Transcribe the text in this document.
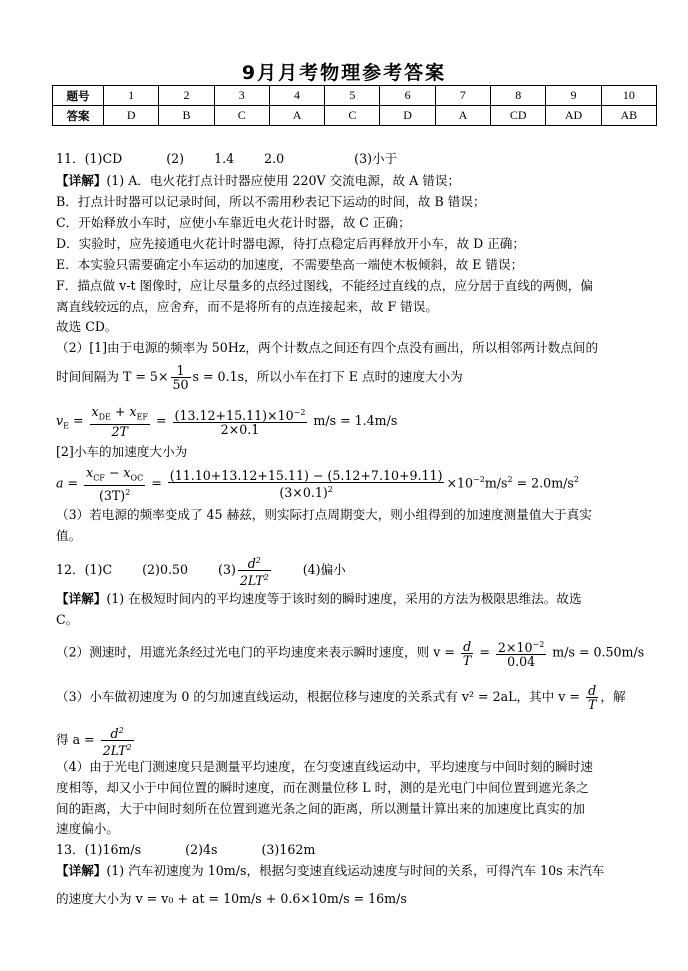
9月月考物理参考答案
题号	1	2	3	4	5	6	7	8	9	10
答案	D	B	C	A	C	D	A	CD	AD	AB
11．(1)CD	(2) 1.4 2.0	(3)小于
【详解】(1) A．电火花打点计时器应使用 220V 交流电源，故 A 错误；
B．打点计时器可以记录时间，所以不需用秒表记下运动的时间，故 B 错误；
C．开始释放小车时，应使小车靠近电火花计时器，故 C 正确；
D．实验时，应先接通电火花计时器电源，待打点稳定后再释放开小车，故 D 正确；
E．本实验只需要确定小车运动的加速度，不需要垫高一端使木板倾斜，故 E 错误；
F．描点做 v-t 图像时，应让尽量多的点经过图线，不能经过直线的点，应分居于直线的两侧，偏
离直线较远的点，应舍弃，而不是将所有的点连接起来，故 F 错误。
故选 CD。
（2）[1]由于电源的频率为 50Hz，两个计数点之间还有四个点没有画出，所以相邻两计数点间的
时间间隔为 $T = 5\times \frac{1}{50}$ s = 0.1s，所以小车在打下 E 点时的速度大小为
$v_E = \frac{x_{DE} + x_{EF}}{2T} = \frac{(13.12+15.11)\times 10^{-2}}{2\times 0.1} m/s = 1.4m/s$
[2]小车的加速度大小为
$a = \frac{x_{CF} - x_{OC}}{(3T)^2} = \frac{(11.10+13.12+15.11) - (5.12+7.10+9.11)}{(3\times 0.1)^2} \times 10^{-2}m/s^2 = 2.0m/s^2$
（3）若电源的频率变成了 45 赫兹，则实际打点周期变大，则小组得到的加速度测量值大于真实
值。
12．(1)C (2)0.50 $(3) \frac{d^2}{2LT^2}$	(4)偏小
【详解】(1) 在极短时间内的平均速度等于该时刻的瞬时速度，采用的方法为极限思维法。故选
C。
（2）测速时，用遮光条经过光电门的平均速度来表示瞬时速度，则 $v = \frac{d}{T} = \frac{2\times 10^{-2}}{0.04} m/s = 0.50m/s$
（3）小车做初速度为 0 的匀加速直线运动，根据位移与速度的关系式有 v² = 2aL，其中 $v = \frac{d}{T}$ ，解
得 $a = \frac{d^2}{2LT^2}$
（4）由于光电门测速度只是测量平均速度，在匀变速直线运动中，平均速度与中间时刻的瞬时速
度相等，却又小于中间位置的瞬时速度，而在测量位移 L 时，测的是光电门中间位置到遮光条之
间的距离，大于中间时刻所在位置到遮光条之间的距离，所以测量计算出来的加速度比真实的加
速度偏小。
13．(1)16m/s	(2)4s	(3)162m
【详解】(1) 汽车初速度为 10m/s，根据匀变速直线运动速度与时间的关系，可得汽车 10s 末汽车
的速度大小为 v = v₀ + at = 10m/s + 0.6×10m/s = 16m/s
